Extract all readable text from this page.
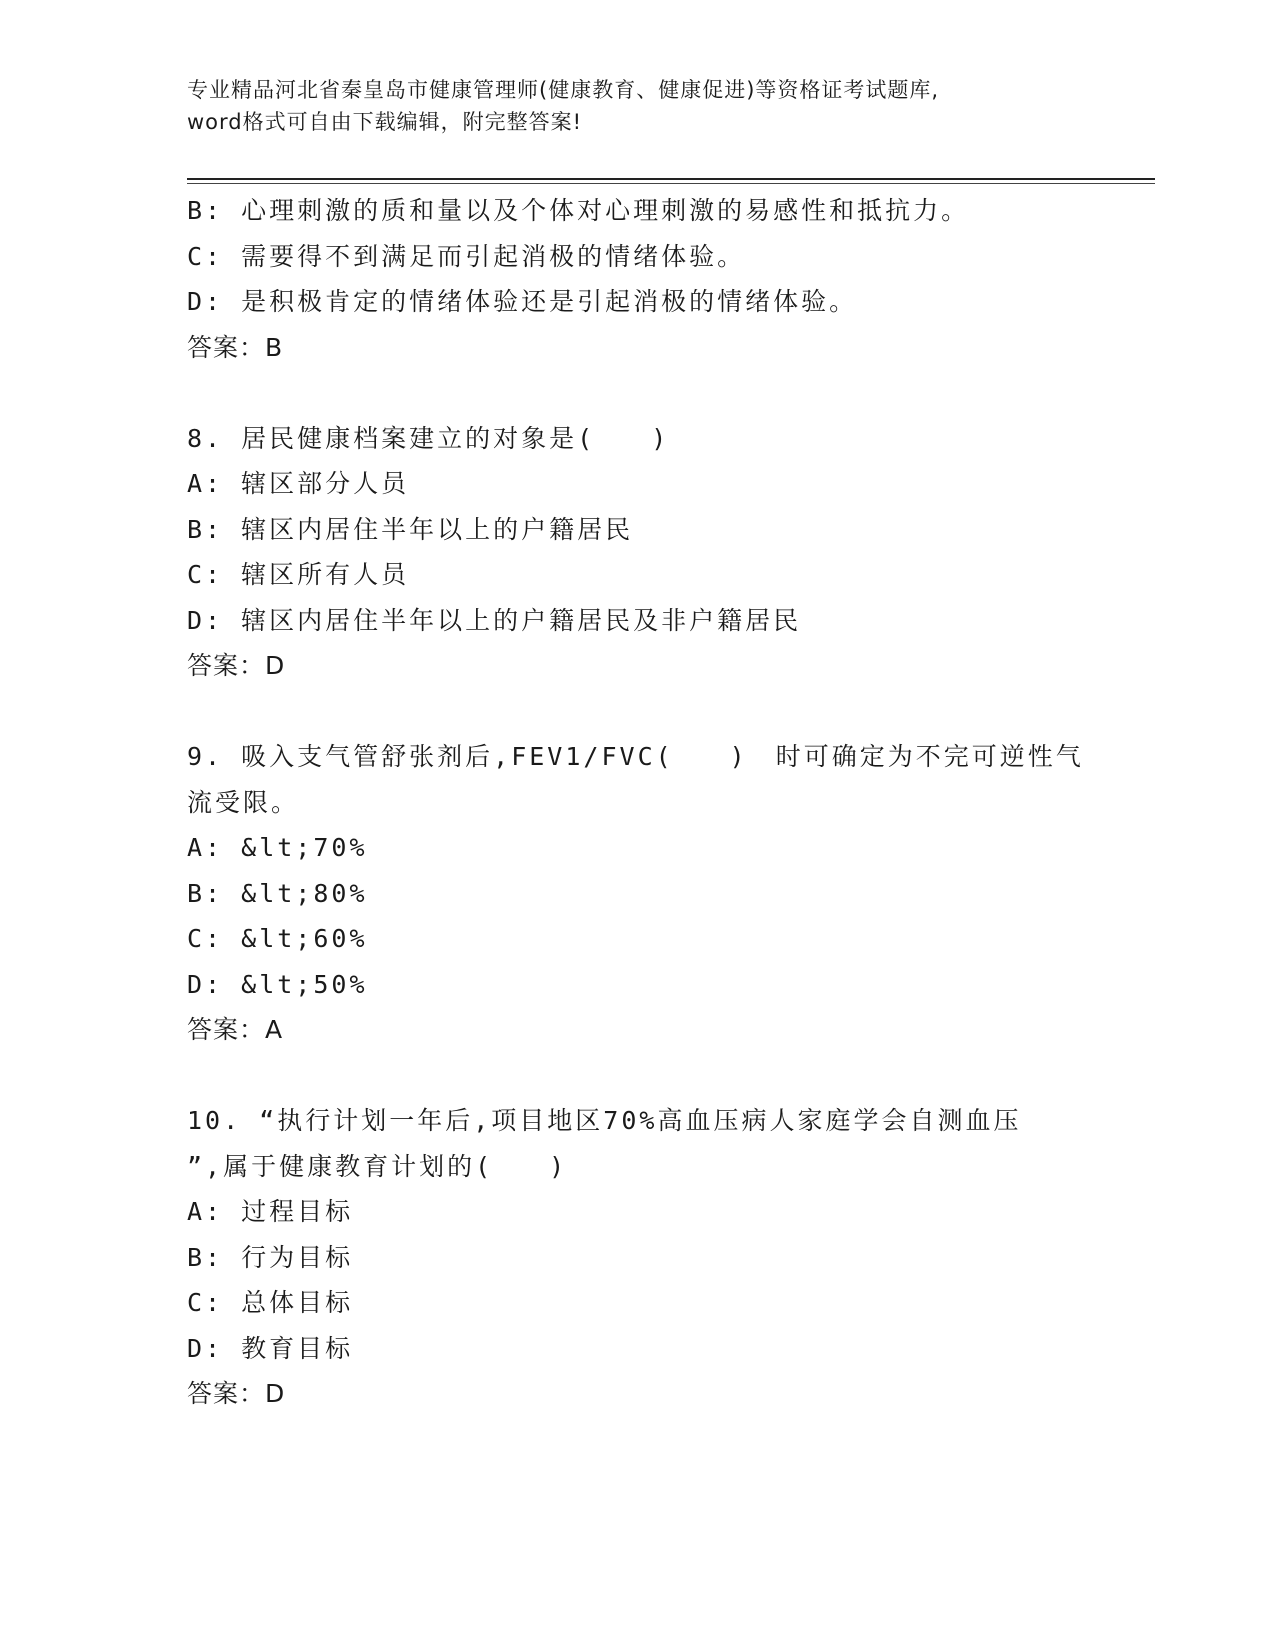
专业精品河北省秦皇岛市健康管理师(健康教育、健康促进)等资格证考试题库,
word格式可自由下载编辑，附完整答案!
B: 心理刺激的质和量以及个体对心理刺激的易感性和抵抗力。
C: 需要得不到满足而引起消极的情绪体验。
D: 是积极肯定的情绪体验还是引起消极的情绪体验。
答案：B
8. 居民健康档案建立的对象是(　　)
A: 辖区部分人员
B: 辖区内居住半年以上的户籍居民
C: 辖区所有人员
D: 辖区内居住半年以上的户籍居民及非户籍居民
答案：D
9. 吸入支气管舒张剂后,FEV1/FVC(　　)　时可确定为不完可逆性气
流受限。
A: &lt;70%
B: &lt;80%
C: &lt;60%
D: &lt;50%
答案：A
10. “执行计划一年后,项目地区70%高血压病人家庭学会自测血压
”,属于健康教育计划的(　　)
A: 过程目标
B: 行为目标
C: 总体目标
D: 教育目标
答案：D
